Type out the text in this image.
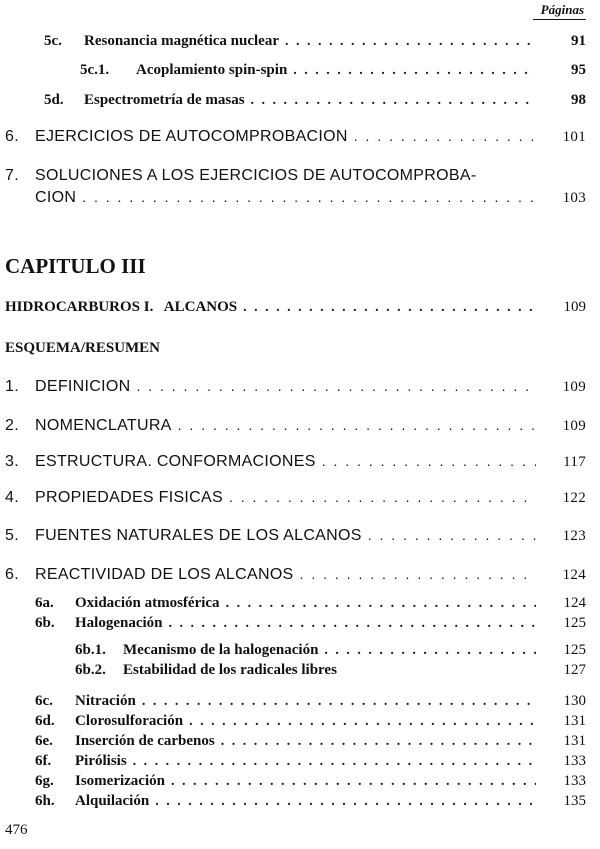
Páginas
5c.	Resonancia magnética nuclear . . .	91
5c.1.	Acoplamiento spin-spin . . .	95
5d.	Espectrometría de masas . . .	98
6.	EJERCICIOS DE AUTOCOMPROBACION . . .	101
7. SOLUCIONES A LOS EJERCICIOS DE AUTOCOMPROBA-
CION . . .	103
CAPITULO III
HIDROCARBUROS I.   ALCANOS . . .	109
ESQUEMA/RESUMEN
1.	DEFINICION . . .	109
2.	NOMENCLATURA . . .	109
3.	ESTRUCTURA. CONFORMACIONES . . .	117
4.	PROPIEDADES FISICAS . . .	122
5.	FUENTES NATURALES DE LOS ALCANOS . . .	123
6.	REACTIVIDAD DE LOS ALCANOS . . .	124
6a.	Oxidación atmosférica . . .	124
6b.	Halogenación . . .	125
6b.1.	Mecanismo de la halogenación . . .	125
6b.2.	Estabilidad de los radicales libres	127
6c.	Nitración . . .	130
6d.	Clorosulforación . . .	131
6e.	Inserción de carbenos . . .	131
6f.	Pirólisis . . .	133
6g.	Isomerización . . .	133
6h.	Alquilación . . .	135
476
